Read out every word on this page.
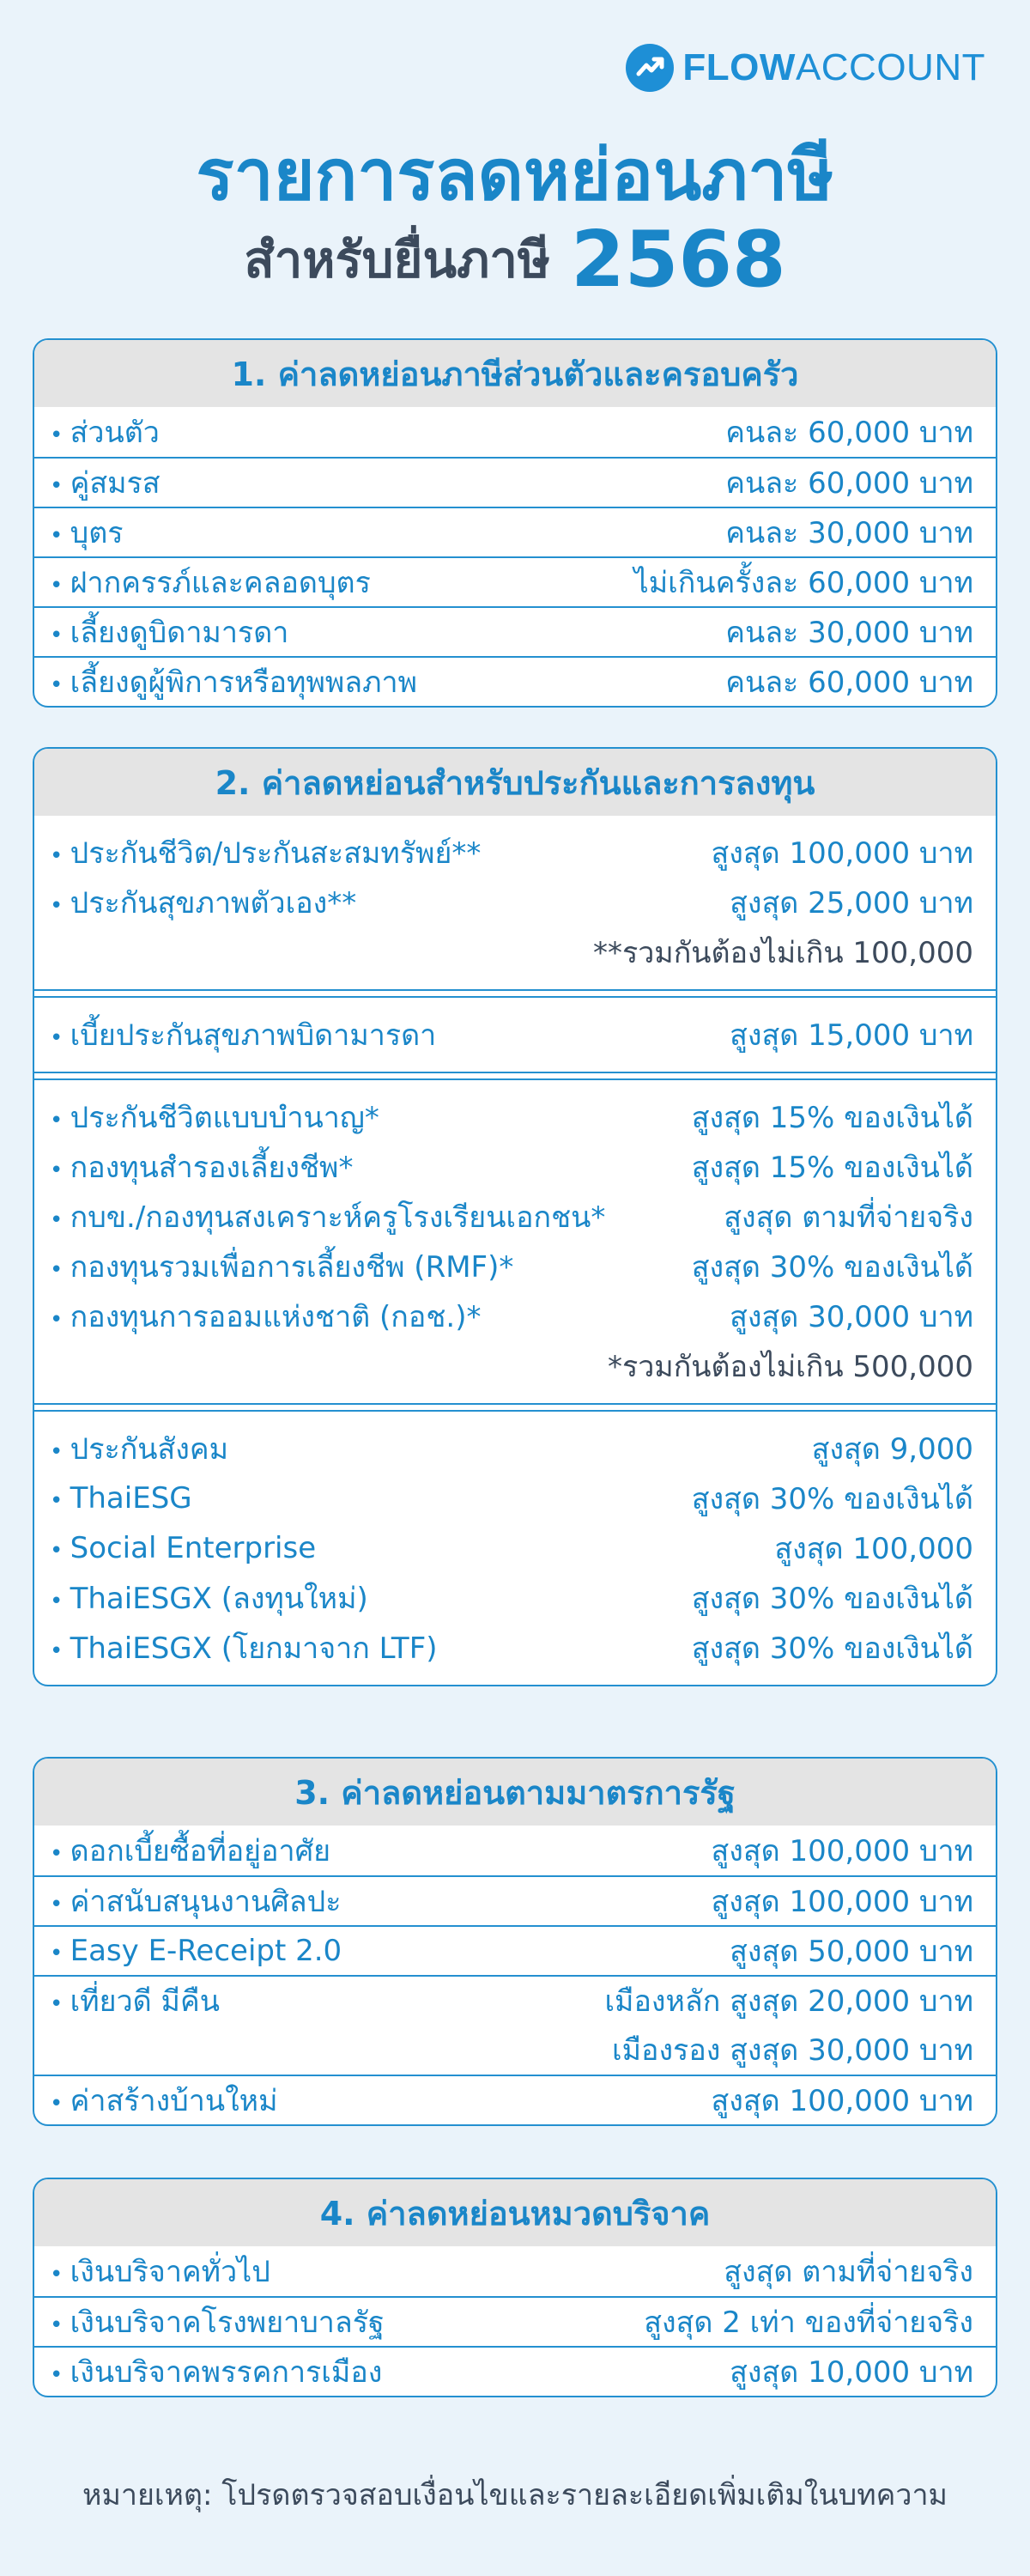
FLOWACCOUNT
รายการลดหย่อนภาษี
สำหรับยื่นภาษี 2568
1. ค่าลดหย่อนภาษีส่วนตัวและครอบครัว
• ส่วนตัว	คนละ 60,000 บาท
• คู่สมรส	คนละ 60,000 บาท
• บุตร	คนละ 30,000 บาท
• ฝากครรภ์และคลอดบุตร	ไม่เกินครั้งละ 60,000 บาท
• เลี้ยงดูบิดามารดา	คนละ 30,000 บาท
• เลี้ยงดูผู้พิการหรือทุพพลภาพ	คนละ 60,000 บาท
2. ค่าลดหย่อนสำหรับประกันและการลงทุน
• ประกันชีวิต/ประกันสะสมทรัพย์**	สูงสุด 100,000 บาท
• ประกันสุขภาพตัวเอง**	สูงสุด 25,000 บาท
**รวมกันต้องไม่เกิน 100,000
• เบี้ยประกันสุขภาพบิดามารดา	สูงสุด 15,000 บาท
• ประกันชีวิตแบบบำนาญ*	สูงสุด 15% ของเงินได้
• กองทุนสำรองเลี้ยงชีพ*	สูงสุด 15% ของเงินได้
• กบข./กองทุนสงเคราะห์ครูโรงเรียนเอกชน*	สูงสุด ตามที่จ่ายจริง
• กองทุนรวมเพื่อการเลี้ยงชีพ (RMF)*	สูงสุด 30% ของเงินได้
• กองทุนการออมแห่งชาติ (กอช.)*	สูงสุด 30,000 บาท
*รวมกันต้องไม่เกิน 500,000
• ประกันสังคม	สูงสุด 9,000
• ThaiESG	สูงสุด 30% ของเงินได้
• Social Enterprise	สูงสุด 100,000
• ThaiESGX (ลงทุนใหม่)	สูงสุด 30% ของเงินได้
• ThaiESGX (โยกมาจาก LTF)	สูงสุด 30% ของเงินได้
3. ค่าลดหย่อนตามมาตรการรัฐ
• ดอกเบี้ยซื้อที่อยู่อาศัย	สูงสุด 100,000 บาท
• ค่าสนับสนุนงานศิลปะ	สูงสุด 100,000 บาท
• Easy E-Receipt 2.0	สูงสุด 50,000 บาท
• เที่ยวดี มีคืน	เมืองหลัก สูงสุด 20,000 บาท
เมืองรอง สูงสุด 30,000 บาท
• ค่าสร้างบ้านใหม่	สูงสุด 100,000 บาท
4. ค่าลดหย่อนหมวดบริจาค
• เงินบริจาคทั่วไป	สูงสุด ตามที่จ่ายจริง
• เงินบริจาคโรงพยาบาลรัฐ	สูงสุด 2 เท่า ของที่จ่ายจริง
• เงินบริจาคพรรคการเมือง	สูงสุด 10,000 บาท
หมายเหตุ: โปรดตรวจสอบเงื่อนไขและรายละเอียดเพิ่มเติมในบทความ
